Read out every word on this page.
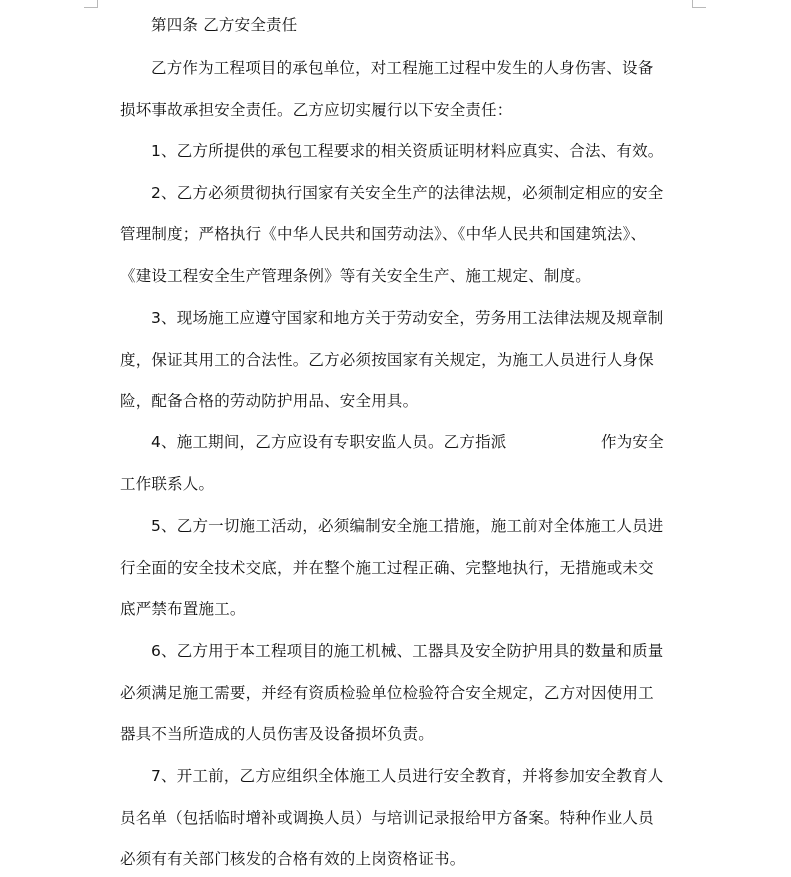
第四条 乙方安全责任
乙方作为工程项目的承包单位，对工程施工过程中发生的人身伤害、设备
损坏事故承担安全责任。乙方应切实履行以下安全责任：
1、乙方所提供的承包工程要求的相关资质证明材料应真实、合法、有效。
2、乙方必须贯彻执行国家有关安全生产的法律法规，必须制定相应的安全
管理制度；严格执行《中华人民共和国劳动法》、《中华人民共和国建筑法》、
《建设工程安全生产管理条例》等有关安全生产、施工规定、制度。
3、现场施工应遵守国家和地方关于劳动安全，劳务用工法律法规及规章制
度，保证其用工的合法性。乙方必须按国家有关规定，为施工人员进行人身保
险，配备合格的劳动防护用品、安全用具。
4、施工期间，乙方应设有专职安监人员。乙方指派	作为安全
工作联系人。
5、乙方一切施工活动，必须编制安全施工措施，施工前对全体施工人员进
行全面的安全技术交底，并在整个施工过程正确、完整地执行，无措施或未交
底严禁布置施工。
6、乙方用于本工程项目的施工机械、工器具及安全防护用具的数量和质量
必须满足施工需要，并经有资质检验单位检验符合安全规定，乙方对因使用工
器具不当所造成的人员伤害及设备损坏负责。
7、开工前，乙方应组织全体施工人员进行安全教育，并将参加安全教育人
员名单（包括临时增补或调换人员）与培训记录报给甲方备案。特种作业人员
必须有有关部门核发的合格有效的上岗资格证书。
